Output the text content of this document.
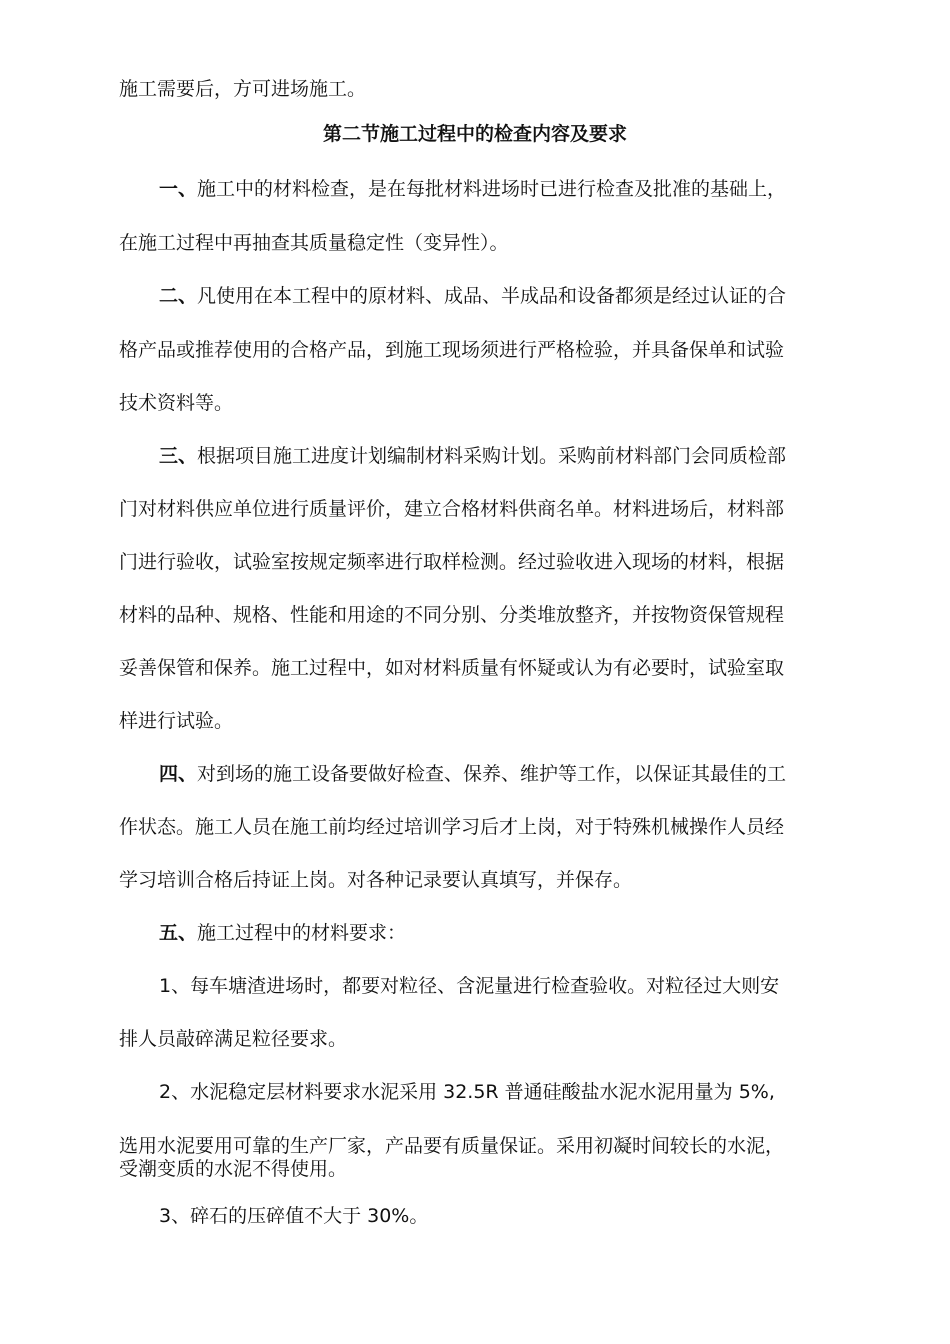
施工需要后，方可进场施工。

第二节施工过程中的检查内容及要求

一、施工中的材料检查，是在每批材料进场时已进行检查及批准的基础上，

在施工过程中再抽查其质量稳定性（变异性）。

二、凡使用在本工程中的原材料、成品、半成品和设备都须是经过认证的合

格产品或推荐使用的合格产品，到施工现场须进行严格检验，并具备保单和试验

技术资料等。

三、根据项目施工进度计划编制材料采购计划。采购前材料部门会同质检部

门对材料供应单位进行质量评价，建立合格材料供商名单。材料进场后，材料部

门进行验收，试验室按规定频率进行取样检测。经过验收进入现场的材料，根据

材料的品种、规格、性能和用途的不同分别、分类堆放整齐，并按物资保管规程

妥善保管和保养。施工过程中，如对材料质量有怀疑或认为有必要时，试验室取

样进行试验。

四、对到场的施工设备要做好检查、保养、维护等工作，以保证其最佳的工

作状态。施工人员在施工前均经过培训学习后才上岗，对于特殊机械操作人员经

学习培训合格后持证上岗。对各种记录要认真填写，并保存。

五、施工过程中的材料要求：

1、每车塘渣进场时，都要对粒径、含泥量进行检查验收。对粒径过大则安

排人员敲碎满足粒径要求。

2、水泥稳定层材料要求水泥采用 32.5R 普通硅酸盐水泥水泥用量为 5%,

选用水泥要用可靠的生产厂家，产品要有质量保证。采用初凝时间较长的水泥，

受潮变质的水泥不得使用。

3、碎石的压碎值不大于 30%。
